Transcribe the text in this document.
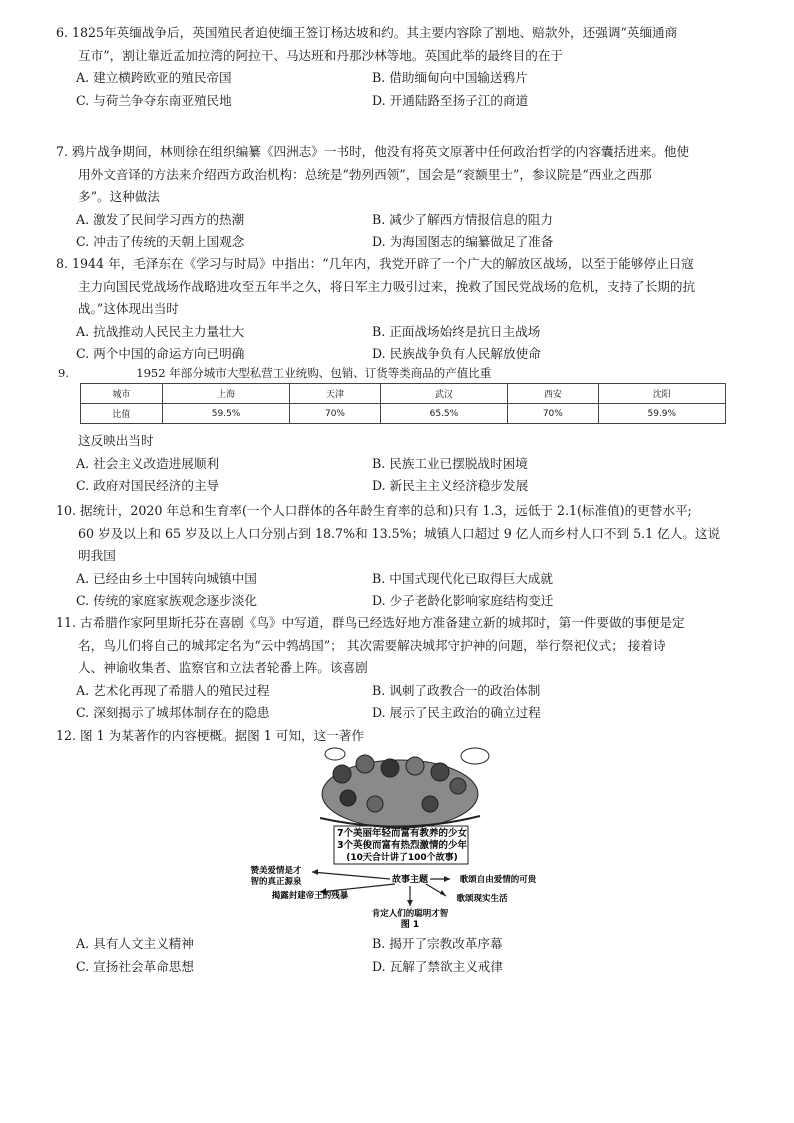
6. 1825年英缅战争后，英国殖民者迫使缅王签订杨达坡和约。其主要内容除了割地、赔款外，还强调“英缅通商
互市”，割让靠近孟加拉湾的阿拉干、马达班和丹那沙林等地。英国此举的最终目的在于

A. 建立横跨欧亚的殖民帝国	B. 借助缅甸向中国输送鸦片
C. 与荷兰争夺东南亚殖民地	D. 开通陆路至扬子江的商道

7. 鸦片战争期间，林则徐在组织编纂《四洲志》一书时，他没有将英文原著中任何政治哲学的内容囊括进来。他使
用外文音译的方法来介绍西方政治机构：总统是“勃列西领”，国会是“衮额里士”，参议院是“西业之西那
多”。这种做法

A. 激发了民间学习西方的热潮	B. 减少了解西方情报信息的阻力
C. 冲击了传统的天朝上国观念	D. 为海国图志的编纂做足了准备

8. 1944 年，毛泽东在《学习与时局》中指出：“几年内，我党开辟了一个广大的解放区战场，以至于能够停止日寇
主力向国民党战场作战略进攻至五年半之久，将日军主力吸引过来，挽救了国民党战场的危机，支持了长期的抗
战。”这体现出当时

A. 抗战推动人民民主力量壮大	B. 正面战场始终是抗日主战场
C. 两个中国的命运方向已明确	D. 民族战争负有人民解放使命
9.	1952 年部分城市大型私营工业统购、包销、订货等类商品的产值比重
城市	上海	天津	武汉	西安	沈阳
比值	59.5%	70%	65.5%	70%	59.9%

这反映出当时

A. 社会主义改造进展顺利	B. 民族工业已摆脱战时困境
C. 政府对国民经济的主导	D. 新民主主义经济稳步发展

10. 据统计，2020 年总和生育率(一个人口群体的各年龄生育率的总和)只有 1.3，远低于 2.1(标准值)的更替水平;
60 岁及以上和 65 岁及以上人口分别占到 18.7%和 13.5%；城镇人口超过 9 亿人而乡村人口不到 5.1 亿人。这说
明我国

A. 已经由乡土中国转向城镇中国	B. 中国式现代化已取得巨大成就
C. 传统的家庭家族观念逐步淡化	D. 少子老龄化影响家庭结构变迁

11. 古希腊作家阿里斯托芬在喜剧《鸟》中写道，群鸟已经选好地方准备建立新的城邦时，第一件要做的事便是定
名，鸟儿们将自己的城邦定名为“云中鹁鸪国”； 其次需要解决城邦守护神的问题，举行祭祀仪式； 接着诗
人、神谕收集者、监察官和立法者轮番上阵。该喜剧

A. 艺术化再现了希腊人的殖民过程	B. 讽刺了政教合一的政治体制
C. 深刻揭示了城邦体制存在的隐患	D. 展示了民主政治的确立过程

12. 图 1 为某著作的内容梗概。据图 1 可知，这一著作

7个美丽年轻而富有教养的少女
3个英俊而富有热烈激情的少年
(10天合计讲了100个故事)
故事主题
赞美爱情是才
智的真正源泉
揭露封建帝王的残暴
歌颂自由爱情的可贵
歌颂现实生活
肯定人们的聪明才智
图 1
A. 具有人文主义精神	B. 揭开了宗教改革序幕
C. 宣扬社会革命思想	D. 瓦解了禁欲主义戒律
